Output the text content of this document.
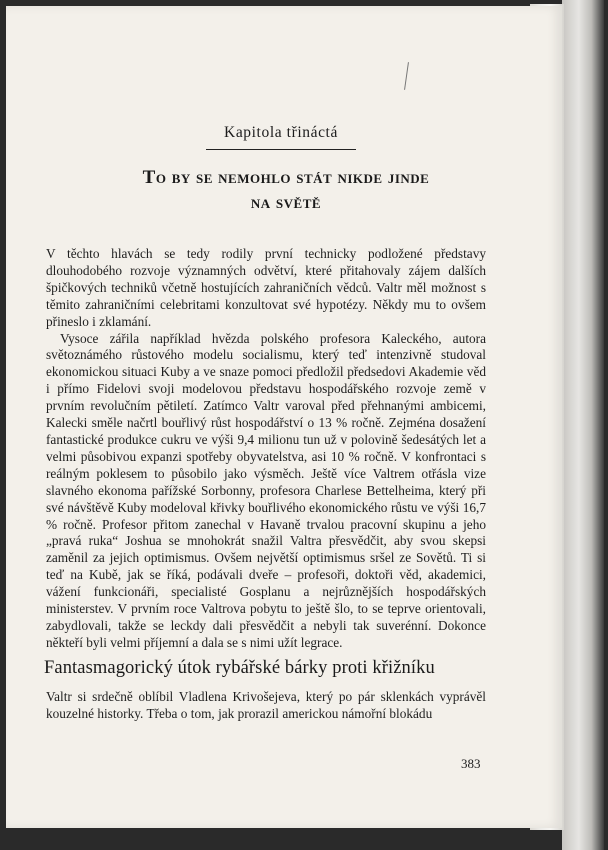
Kapitola třináctá
To by se nemohlo stát nikde jinde
na světě

V těchto hlavách se tedy rodily první technicky podložené představy dlouhodobého rozvoje významných odvětví, které přitahovaly zájem dalších špičkových techniků včetně hostujících zahraničních vědců. Valtr měl možnost s těmito zahraničními celebritami konzultovat své hypotézy. Někdy mu to ovšem přineslo i zklamání.

Vysoce zářila například hvězda polského profesora Kaleckého, autora světoznámého růstového modelu socialismu, který teď intenzivně studoval ekonomickou situaci Kuby a ve snaze pomoci předložil předsedovi Akademie věd i přímo Fidelovi svoji modelovou představu hospodářského rozvoje země v prvním revolučním pětiletí. Zatímco Valtr varoval před přehnanými ambicemi, Kalecki směle načrtl bouřlivý růst hospodářství o 13 % ročně. Zejména dosažení fantastické produkce cukru ve výši 9,4 milionu tun už v polovině šedesátých let a velmi působivou expanzi spotřeby obyvatelstva, asi 10 % ročně. V konfrontaci s reálným poklesem to působilo jako výsměch. Ještě více Valtrem otřásla vize slavného ekonoma pařížské Sorbonny, profesora Charlese Bettelheima, který při své návštěvě Kuby modeloval křivky bouřlivého ekonomického růstu ve výši 16,7 % ročně. Profesor přitom zanechal v Havaně trvalou pracovní skupinu a jeho „pravá ruka“ Joshua se mnohokrát snažil Valtra přesvědčit, aby svou skepsi zaměnil za jejich optimismus. Ovšem největší optimismus sršel ze Sovětů. Ti si teď na Kubě, jak se říká, podávali dveře – profesoři, doktoři věd, akademici, vážení funkcionáři, specialisté Gosplanu a nejrůznějších hospodářských ministerstev. V prvním roce Valtrova pobytu to ještě šlo, to se teprve orientovali, zabydlovali, takže se leckdy dali přesvědčit a nebyli tak suverénní. Dokonce někteří byli velmi příjemní a dala se s nimi užít legrace.

Fantasmagorický útok rybářské bárky proti křižníku

Valtr si srdečně oblíbil Vladlena Krivošejeva, který po pár sklenkách vyprávěl kouzelné historky. Třeba o tom, jak prorazil americkou námořní blokádu

383
